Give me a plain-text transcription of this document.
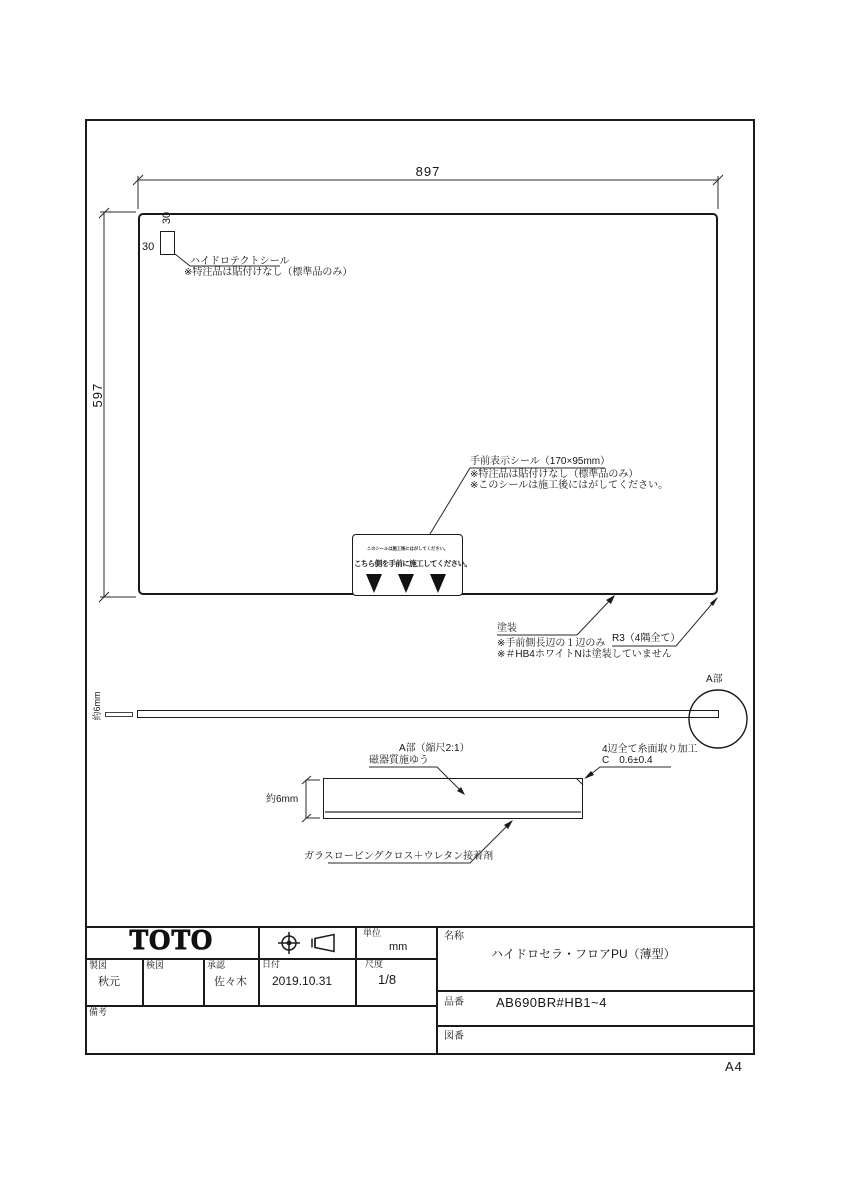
897
597
30
30
ハイドロテクトシール
※特注品は貼付けなし（標準品のみ）
手前表示シール（170×95mm）
※特注品は貼付けなし（標準品のみ）
※このシールは施工後にはがしてください。
このシールは施工後にはがしてください。
こちら側を手前に施工してください。
塗装
※手前側長辺の１辺のみ
※＃HB4ホワイトNは塗装していません
R3（4隅全て）
約6mm
A部
A部（縮尺2:1）
磁器質施ゆう
約6mm
4辺全て糸面取り加工
C　0.6±0.4
ガラスロービングクロス＋ウレタン接着剤
TOTO	単位
mm
製図
秋元
検図	承認
佐々木
日付
2019.10.31
尺度
1/8
備考
名称
ハイドロセラ・フロアPU（薄型）
品番 AB690BR#HB1~4
図番
A4
